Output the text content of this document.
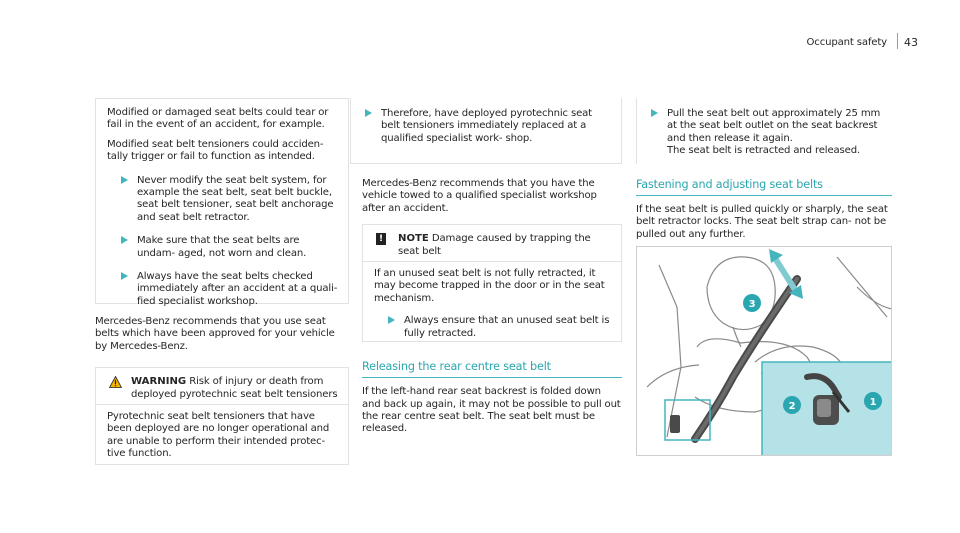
Occupant safety 43

Modified or damaged seat belts could tear or fail in the event of an accident, for example.

Modified seat belt tensioners could acciden- tally trigger or fail to function as intended.

Never modify the seat belt system, for example the seat belt, seat belt buckle, seat belt tensioner, seat belt anchorage and seat belt retractor.
Make sure that the seat belts are undam- aged, not worn and clean.
Always have the seat belts checked immediately after an accident at a quali- fied specialist workshop.

Mercedes-Benz recommends that you use seat belts which have been approved for your vehicle by Mercedes-Benz.

WARNING Risk of injury or death from deployed pyrotechnic seat belt tensioners
Pyrotechnic seat belt tensioners that have been deployed are no longer operational and are unable to perform their intended protec- tive function.
Therefore, have deployed pyrotechnic seat belt tensioners immediately replaced at a qualified specialist work- shop.

Mercedes-Benz recommends that you have the vehicle towed to a qualified specialist workshop after an accident.

! NOTE Damage caused by trapping the seat belt
If an unused seat belt is not fully retracted, it may become trapped in the door or in the seat mechanism.
Always ensure that an unused seat belt is fully retracted.
Releasing the rear centre seat belt

If the left-hand rear seat backrest is folded down and back up again, it may not be possible to pull out the rear centre seat belt. The seat belt must be released.

Pull the seat belt out approximately 25 mm at the seat belt outlet on the seat backrest and then release it again.
The seat belt is retracted and released.
Fastening and adjusting seat belts

If the seat belt is pulled quickly or sharply, the seat belt retractor locks. The seat belt strap can- not be pulled out any further.

1
2
3
